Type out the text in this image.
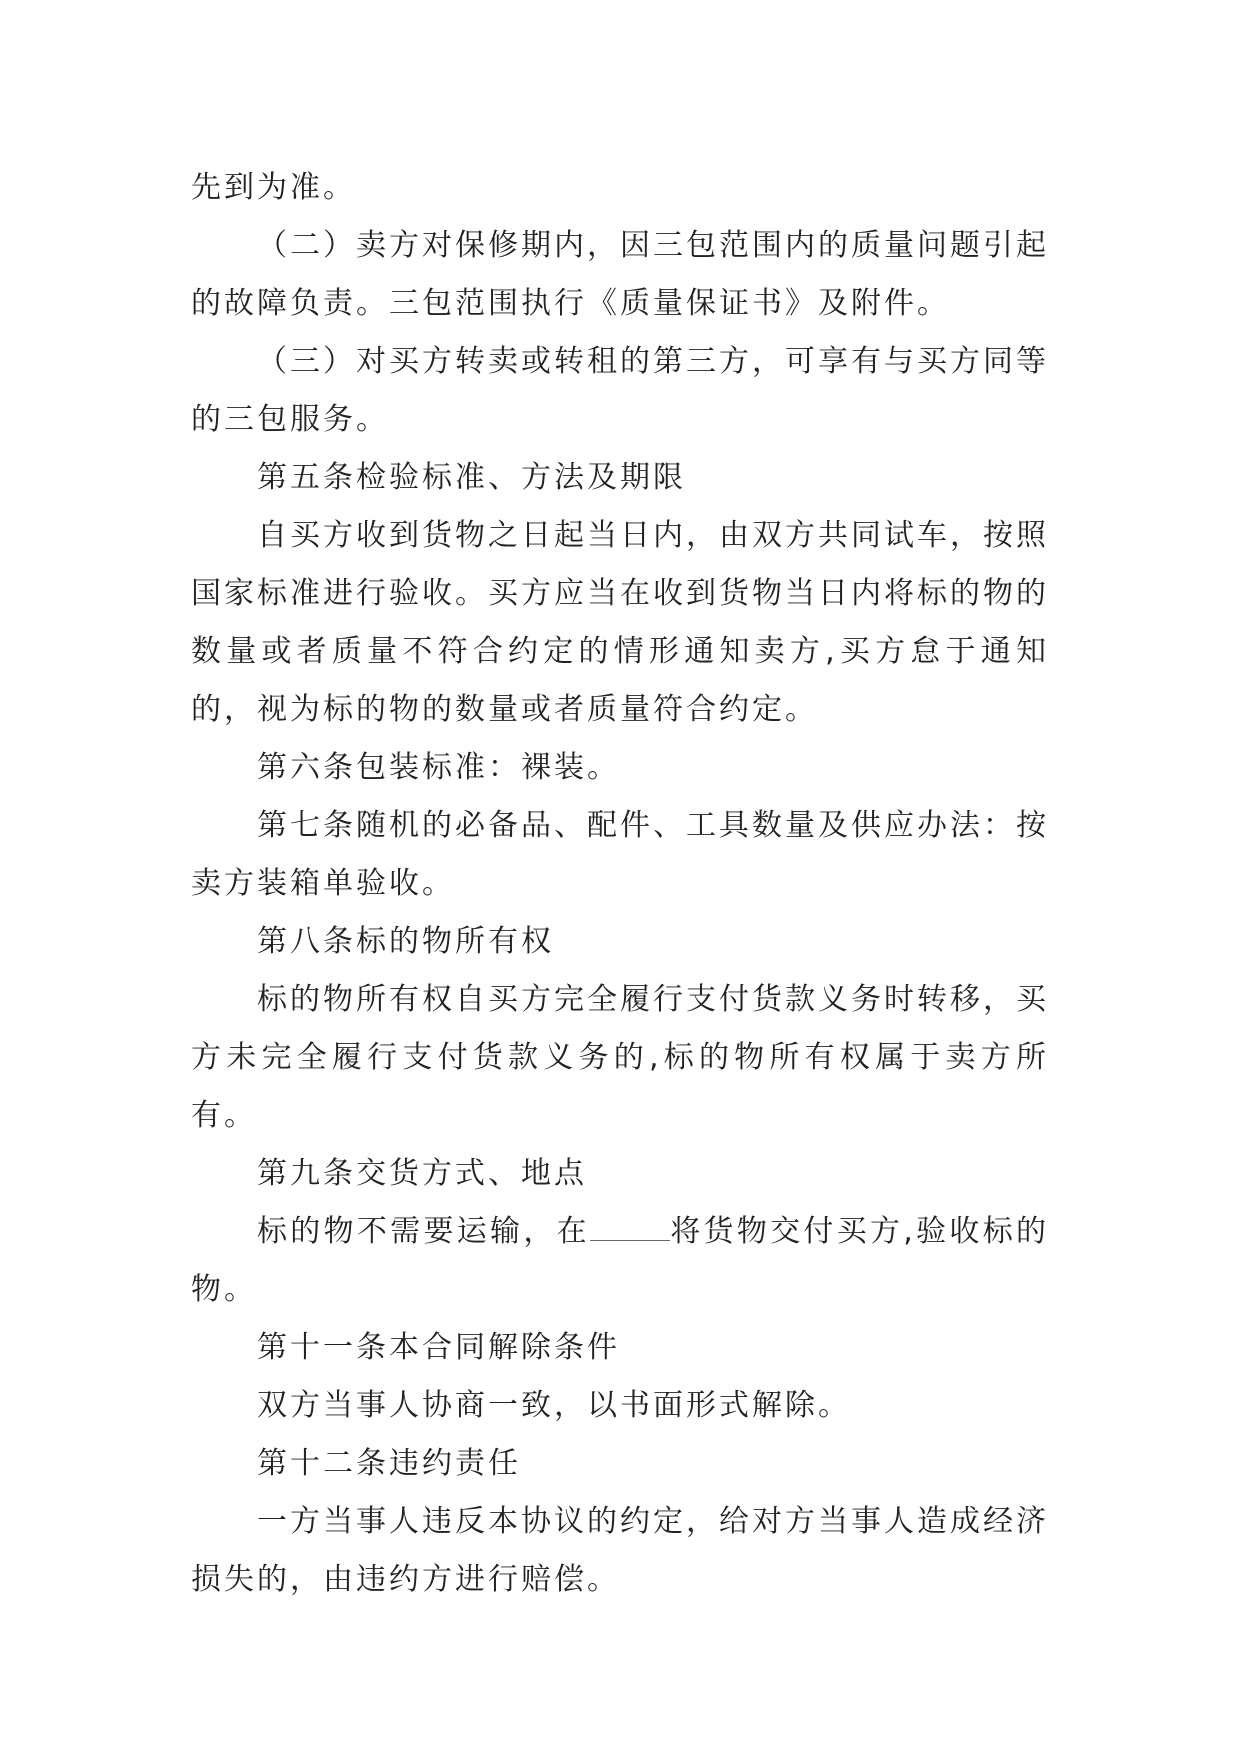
先到为准。

（二）卖方对保修期内，因三包范围内的质量问题引起的故障负责。三包范围执行《质量保证书》及附件。

（三）对买方转卖或转租的第三方，可享有与买方同等的三包服务。

第五条检验标准、方法及期限

自买方收到货物之日起当日内，由双方共同试车，按照国家标准进行验收。买方应当在收到货物当日内将标的物的数量或者质量不符合约定的情形通知卖方,买方怠于通知的，视为标的物的数量或者质量符合约定。

第六条包装标准：裸装。

第七条随机的必备品、配件、工具数量及供应办法：按卖方装箱单验收。

第八条标的物所有权

标的物所有权自买方完全履行支付货款义务时转移，买方未完全履行支付货款义务的,标的物所有权属于卖方所有。

第九条交货方式、地点

标的物不需要运输，在	将货物交付买方,验收标的物。

第十一条本合同解除条件

双方当事人协商一致，以书面形式解除。

第十二条违约责任

一方当事人违反本协议的约定，给对方当事人造成经济损失的，由违约方进行赔偿。
